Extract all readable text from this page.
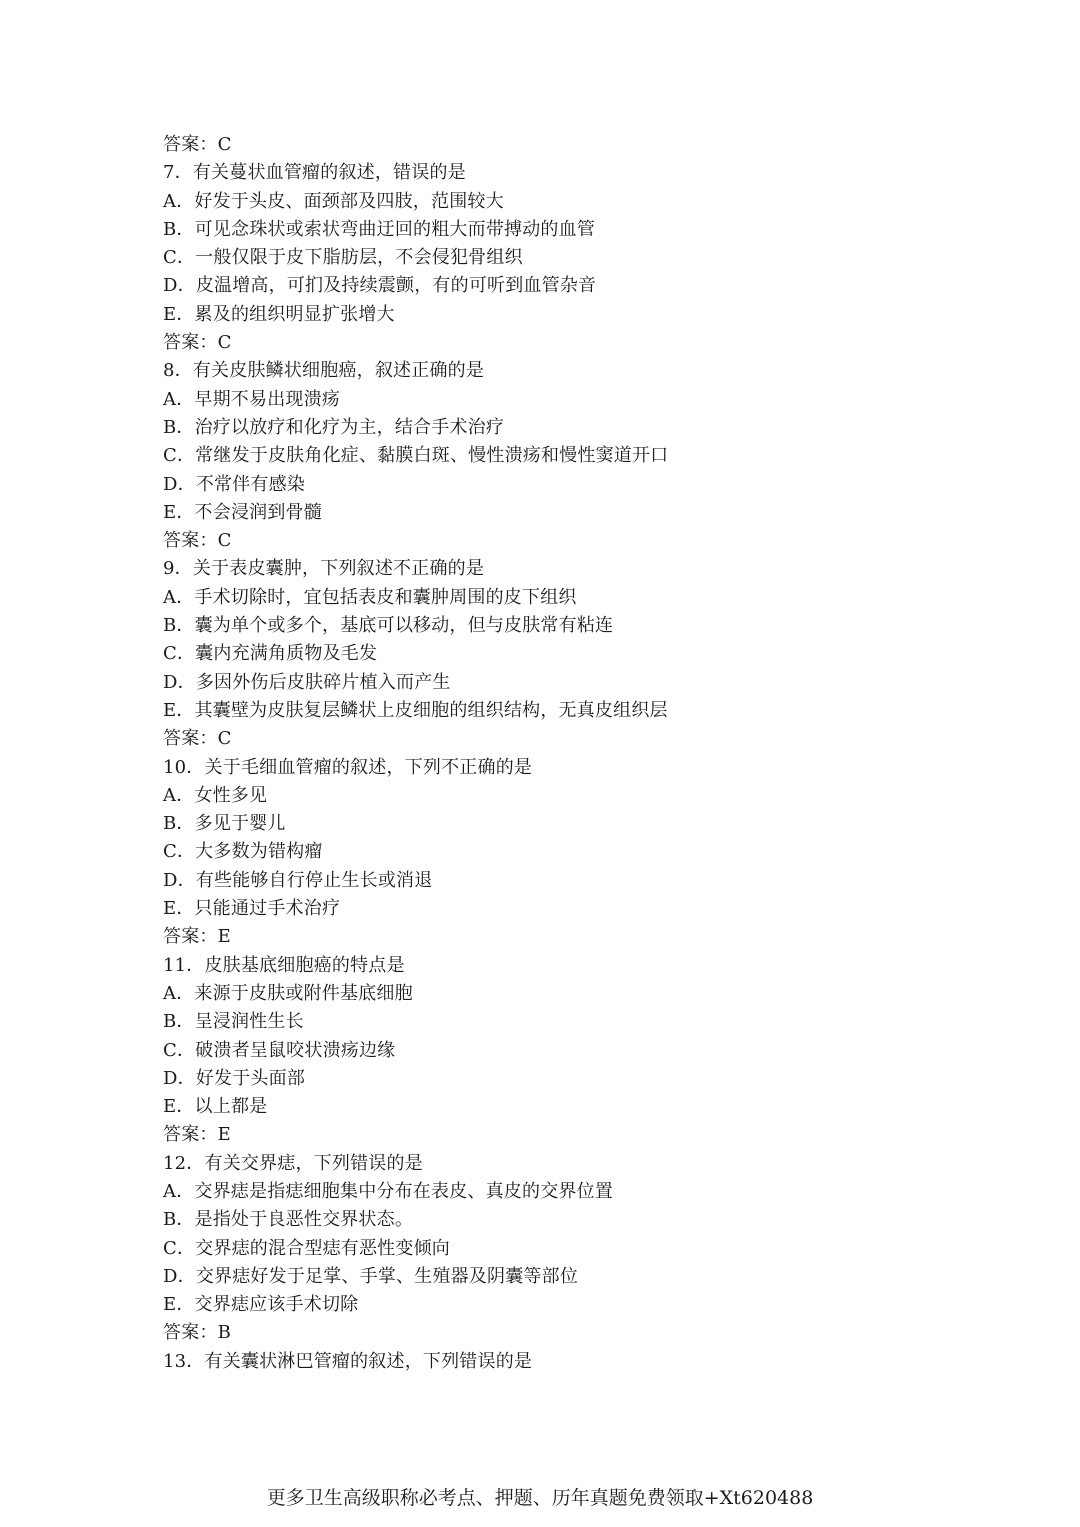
答案：C
7．有关蔓状血管瘤的叙述，错误的是
A．好发于头皮、面颈部及四肢，范围较大
B．可见念珠状或索状弯曲迂回的粗大而带搏动的血管
C．一般仅限于皮下脂肪层，不会侵犯骨组织
D．皮温增高，可扪及持续震颤，有的可听到血管杂音
E．累及的组织明显扩张增大
答案：C
8．有关皮肤鳞状细胞癌，叙述正确的是
A．早期不易出现溃疡
B．治疗以放疗和化疗为主，结合手术治疗
C．常继发于皮肤角化症、黏膜白斑、慢性溃疡和慢性窦道开口
D．不常伴有感染
E．不会浸润到骨髓
答案：C
9．关于表皮囊肿，下列叙述不正确的是
A．手术切除时，宜包括表皮和囊肿周围的皮下组织
B．囊为单个或多个，基底可以移动，但与皮肤常有粘连
C．囊内充满角质物及毛发
D．多因外伤后皮肤碎片植入而产生
E．其囊壁为皮肤复层鳞状上皮细胞的组织结构，无真皮组织层
答案：C
10．关于毛细血管瘤的叙述，下列不正确的是
A．女性多见
B．多见于婴儿
C．大多数为错构瘤
D．有些能够自行停止生长或消退
E．只能通过手术治疗
答案：E
11．皮肤基底细胞癌的特点是
A．来源于皮肤或附件基底细胞
B．呈浸润性生长
C．破溃者呈鼠咬状溃疡边缘
D．好发于头面部
E．以上都是
答案：E
12．有关交界痣，下列错误的是
A．交界痣是指痣细胞集中分布在表皮、真皮的交界位置
B．是指处于良恶性交界状态。
C．交界痣的混合型痣有恶性变倾向
D．交界痣好发于足掌、手掌、生殖器及阴囊等部位
E．交界痣应该手术切除
答案：B
13．有关囊状淋巴管瘤的叙述，下列错误的是
更多卫生高级职称必考点、押题、历年真题免费领取+Xt620488
